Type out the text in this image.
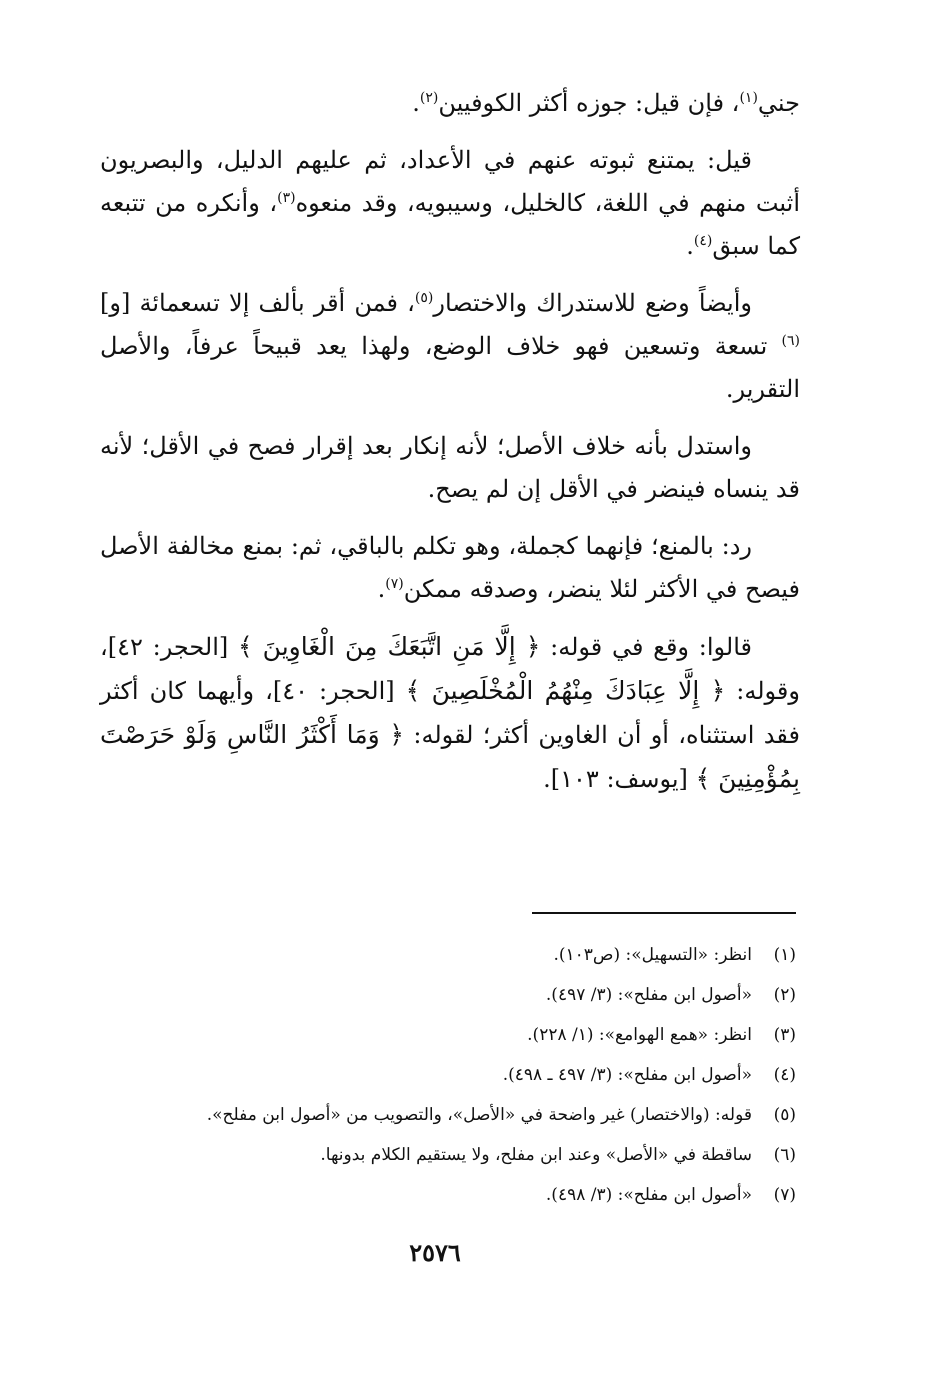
جني$^{(١)}$، فإن قيل: جوزه أكثر الكوفيين$^{(٢)}$.

قيل: يمتنع ثبوته عنهم في الأعداد، ثم عليهم الدليل، والبصريون أثبت منهم في اللغة، كالخليل، وسيبويه، وقد منعوه$^{(٣)}$، وأنكره من تتبعه كما سبق$^{(٤)}$.

وأيضاً وضع للاستدراك والاختصار$^{(٥)}$، فمن أقر بألف إلا تسعمائة [و]$^{(٦)}$ تسعة وتسعين فهو خلاف الوضع، ولهذا يعد قبيحاً عرفاً، والأصل التقرير.

واستدل بأنه خلاف الأصل؛ لأنه إنكار بعد إقرار فصح في الأقل؛ لأنه قد ينساه فينضر في الأقل إن لم يصح.

رد: بالمنع؛ فإنهما كجملة، وهو تكلم بالباقي، ثم: بمنع مخالفة الأصل فيصح في الأكثر لئلا ينضر، وصدقه ممكن$^{(٧)}$.

قالوا: وقع في قوله: ﴿ إِلَّا مَنِ اتَّبَعَكَ مِنَ الْغَاوِينَ ﴾ [الحجر: ٤٢]، وقوله: ﴿ إِلَّا عِبَادَكَ مِنْهُمُ الْمُخْلَصِينَ ﴾ [الحجر: ٤٠]، وأيهما كان أكثر فقد استثناه، أو أن الغاوين أكثر؛ لقوله: ﴿ وَمَا أَكْثَرُ النَّاسِ وَلَوْ حَرَصْتَ بِمُؤْمِنِينَ ﴾ [يوسف: ١٠٣].

(١)
انظر: «التسهيل»: (ص١٠٣).
(٢)
«أصول ابن مفلح»: (٣/ ٤٩٧).
(٣)
انظر: «همع الهوامع»: (١/ ٢٢٨).
(٤)
«أصول ابن مفلح»: (٣/ ٤٩٧ ـ ٤٩٨).
(٥)
قوله: (والاختصار) غير واضحة في «الأصل»، والتصويب من «أصول ابن مفلح».
(٦)
ساقطة في «الأصل» وعند ابن مفلح، ولا يستقيم الكلام بدونها.
(٧)
«أصول ابن مفلح»: (٣/ ٤٩٨).
٢٥٧٦
